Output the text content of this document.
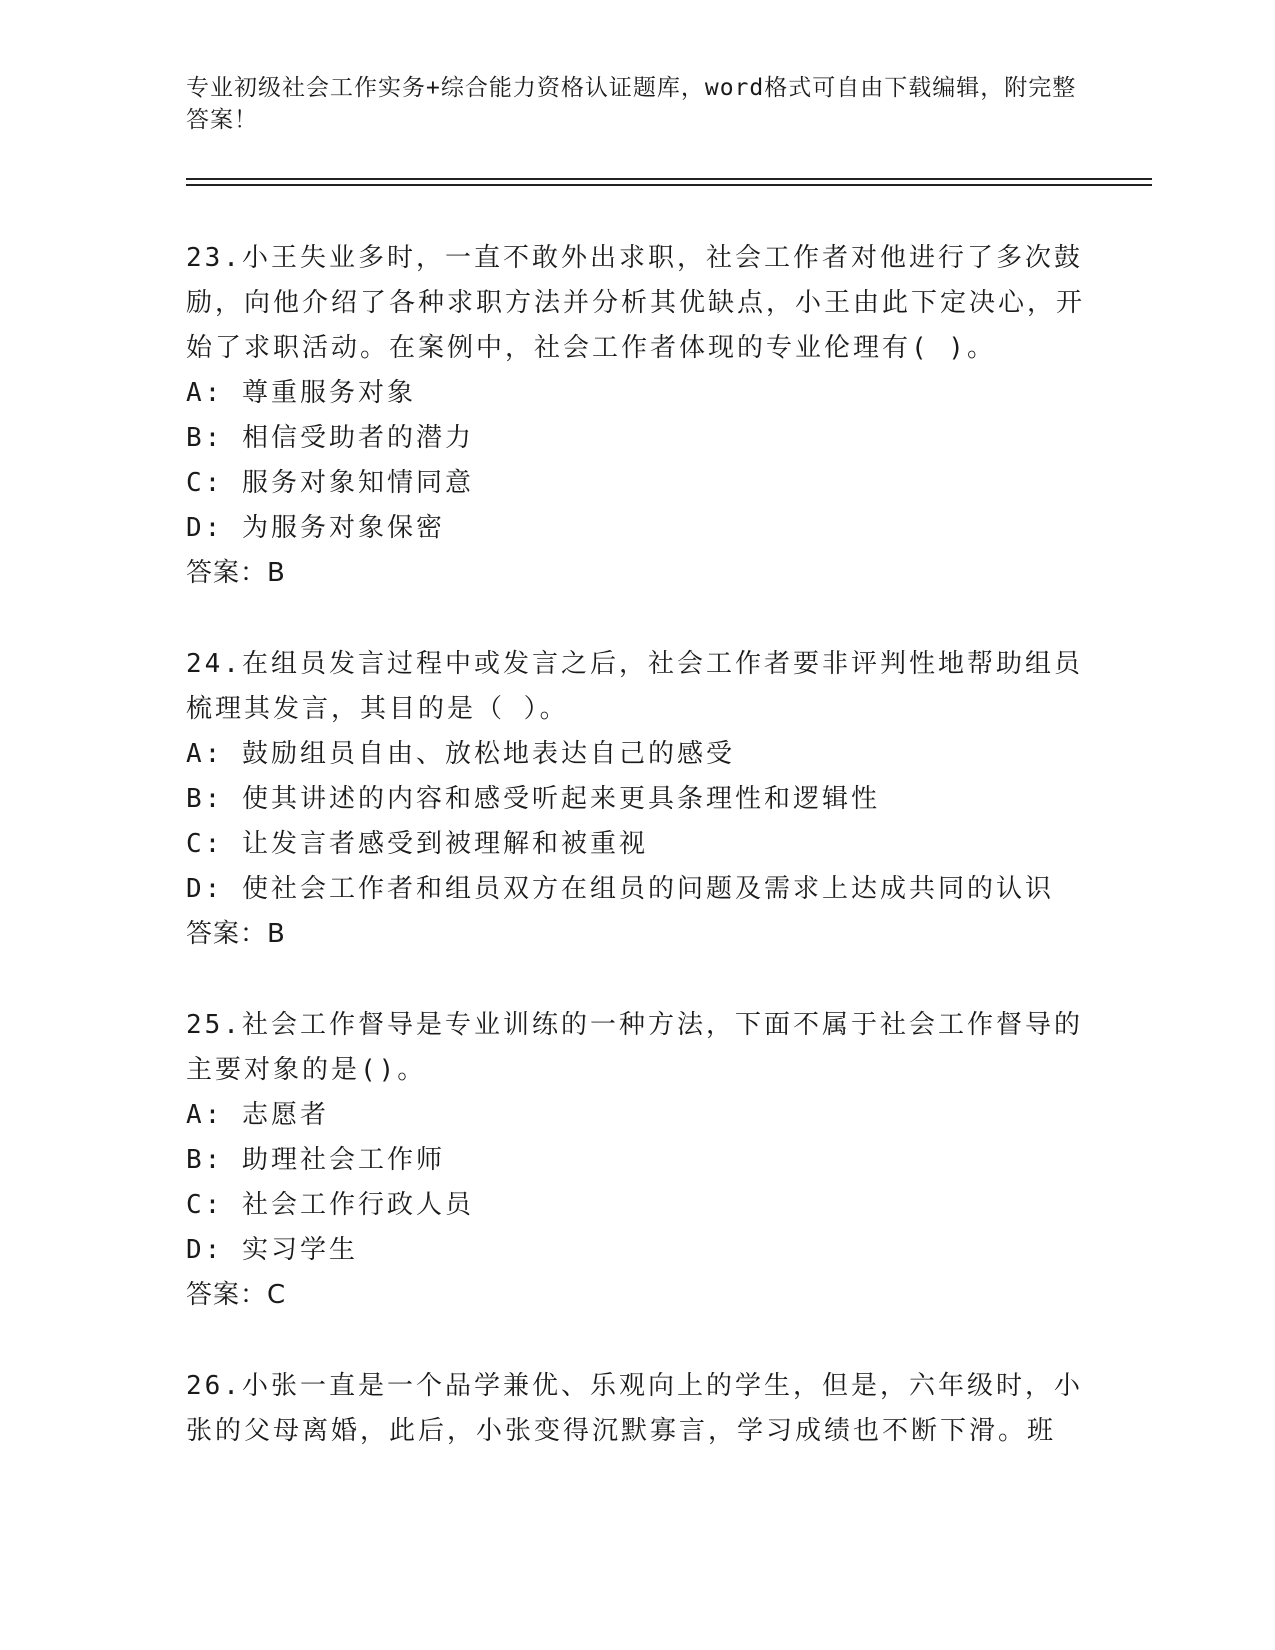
专业初级社会工作实务+综合能力资格认证题库，word格式可自由下载编辑，附完整答案！
23.小王失业多时，一直不敢外出求职，社会工作者对他进行了多次鼓励，向他介绍了各种求职方法并分析其优缺点，小王由此下定决心，开始了求职活动。在案例中，社会工作者体现的专业伦理有( )。
A: 尊重服务对象
B: 相信受助者的潜力
C: 服务对象知情同意
D: 为服务对象保密
答案：B
24.在组员发言过程中或发言之后，社会工作者要非评判性地帮助组员梳理其发言，其目的是（ ）。
A: 鼓励组员自由、放松地表达自己的感受
B: 使其讲述的内容和感受听起来更具条理性和逻辑性
C: 让发言者感受到被理解和被重视
D: 使社会工作者和组员双方在组员的问题及需求上达成共同的认识
答案：B
25.社会工作督导是专业训练的一种方法，下面不属于社会工作督导的主要对象的是()。
A: 志愿者
B: 助理社会工作师
C: 社会工作行政人员
D: 实习学生
答案：C
26.小张一直是一个品学兼优、乐观向上的学生，但是，六年级时，小张的父母离婚，此后，小张变得沉默寡言，学习成绩也不断下滑。班
